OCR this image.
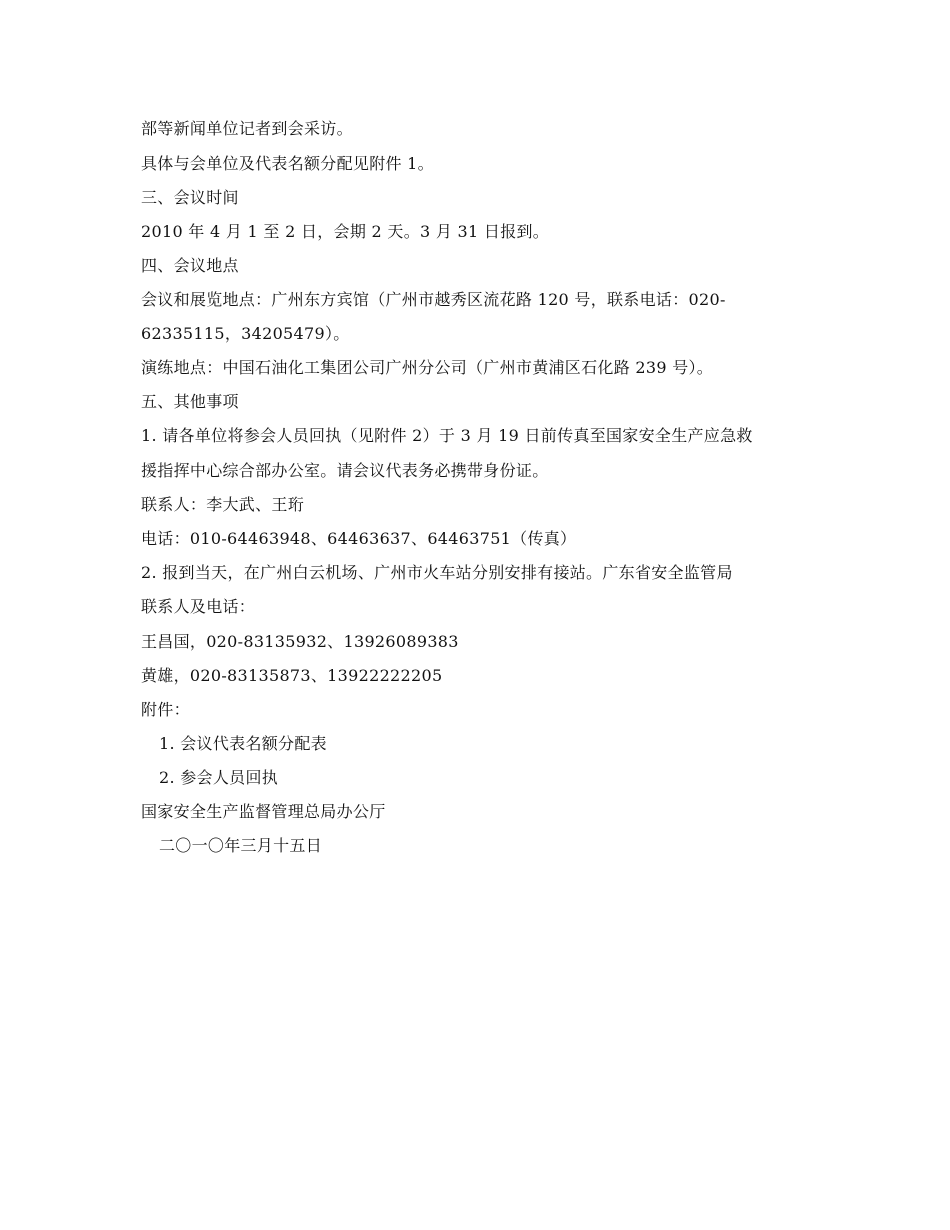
部等新闻单位记者到会采访。
具体与会单位及代表名额分配见附件 1。
三、会议时间
2010 年 4 月 1 至 2 日，会期 2 天。3 月 31 日报到。
四、会议地点
会议和展览地点：广州东方宾馆（广州市越秀区流花路 120 号，联系电话：020-
62335115，34205479）。
演练地点：中国石油化工集团公司广州分公司（广州市黄浦区石化路 239 号）。
五、其他事项
1. 请各单位将参会人员回执（见附件 2）于 3 月 19 日前传真至国家安全生产应急救
援指挥中心综合部办公室。请会议代表务必携带身份证。
联系人：李大武、王珩
电话：010-64463948、64463637、64463751（传真）
2. 报到当天，在广州白云机场、广州市火车站分别安排有接站。广东省安全监管局
联系人及电话：
王昌国，020-83135932、13926089383
黄雄，020-83135873、13922222205
附件：
1. 会议代表名额分配表
2. 参会人员回执
国家安全生产监督管理总局办公厅
二〇一〇年三月十五日
